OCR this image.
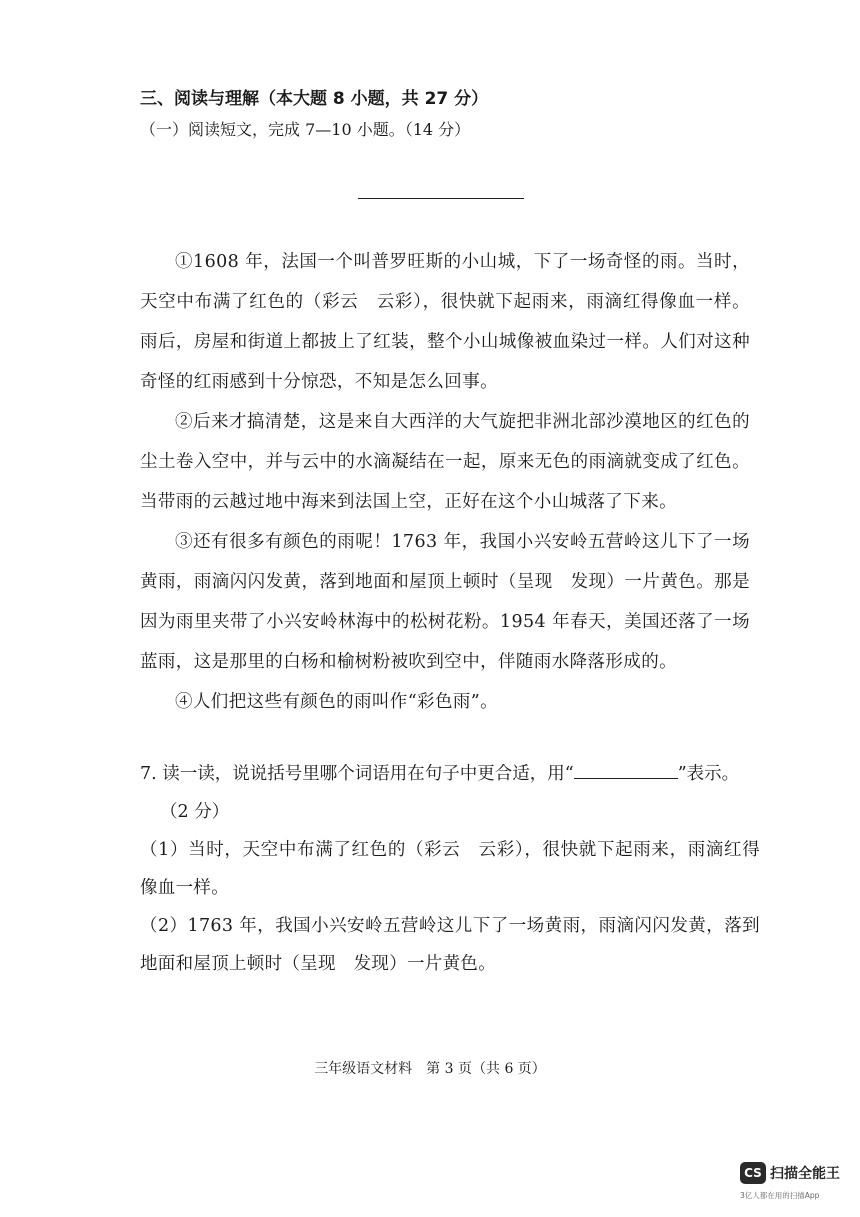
三、阅读与理解（本大题 8 小题，共 27 分）
（一）阅读短文，完成 7—10 小题。（14 分）

①1608 年，法国一个叫普罗旺斯的小山城，下了一场奇怪的雨。当时，天空中布满了红色的（彩云　云彩），很快就下起雨来，雨滴红得像血一样。雨后，房屋和街道上都披上了红装，整个小山城像被血染过一样。人们对这种奇怪的红雨感到十分惊恐，不知是怎么回事。

②后来才搞清楚，这是来自大西洋的大气旋把非洲北部沙漠地区的红色的尘土卷入空中，并与云中的水滴凝结在一起，原来无色的雨滴就变成了红色。当带雨的云越过地中海来到法国上空，正好在这个小山城落了下来。

③还有很多有颜色的雨呢！1763 年，我国小兴安岭五营岭这儿下了一场黄雨，雨滴闪闪发黄，落到地面和屋顶上顿时（呈现　发现）一片黄色。那是因为雨里夹带了小兴安岭林海中的松树花粉。1954 年春天，美国还落了一场蓝雨，这是那里的白杨和榆树粉被吹到空中，伴随雨水降落形成的。

④人们把这些有颜色的雨叫作“彩色雨”。

7. 读一读，说说括号里哪个词语用在句子中更合适，用“	”表示。

（2 分）

（1）当时，天空中布满了红色的（彩云　云彩），很快就下起雨来，雨滴红得像血一样。

（2）1763 年，我国小兴安岭五营岭这儿下了一场黄雨，雨滴闪闪发黄，落到地面和屋顶上顿时（呈现　发现）一片黄色。

三年级语文材料　第 3 页（共 6 页）
CS 扫描全能王
3亿人都在用的扫描App
